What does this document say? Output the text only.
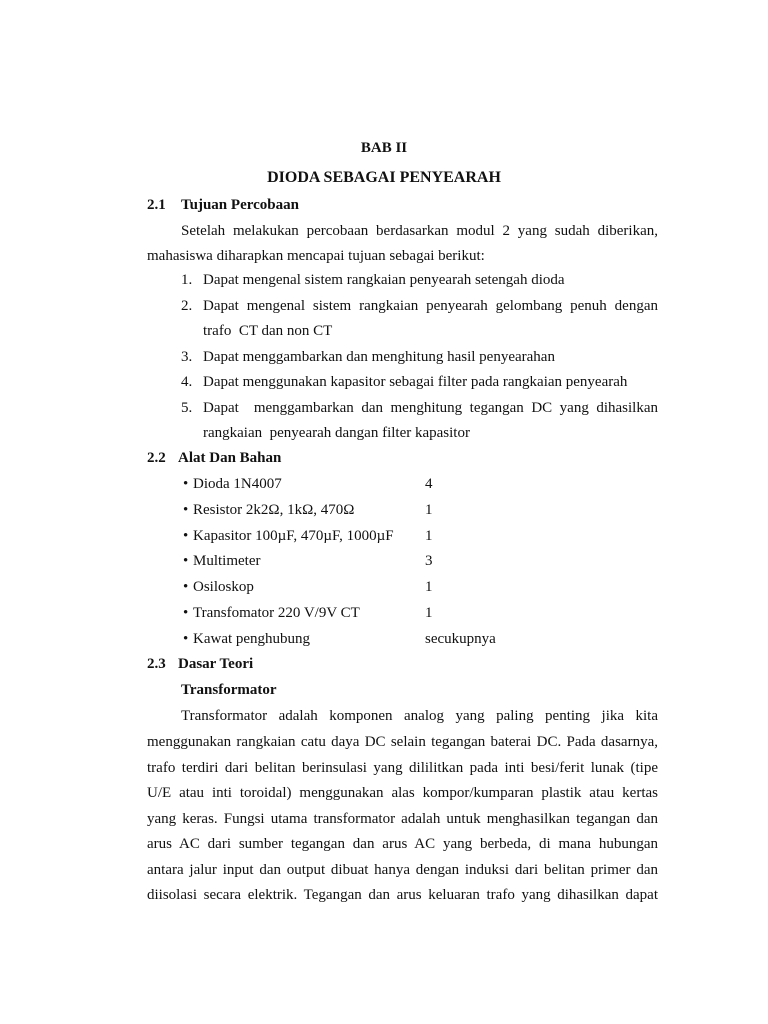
BAB II
DIODA SEBAGAI PENYEARAH
2.1 Tujuan Percobaan
Setelah melakukan percobaan berdasarkan modul 2 yang sudah diberikan,
mahasiswa diharapkan mencapai tujuan sebagai berikut:
1. Dapat mengenal sistem rangkaian penyearah setengah dioda
2. Dapat mengenal sistem rangkaian penyearah gelombang penuh dengan
trafo  CT dan non CT
3. Dapat menggambarkan dan menghitung hasil penyearahan
4. Dapat menggunakan kapasitor sebagai filter pada rangkaian penyearah
5. Dapat  menggambarkan dan menghitung tegangan DC yang dihasilkan
rangkaian  penyearah dangan filter kapasitor
2.2 Alat Dan Bahan
• Dioda 1N4007	4
• Resistor 2k2Ω, 1kΩ, 470Ω	1
• Kapasitor 100µF, 470µF, 1000µF 1
• Multimeter	3
• Osiloskop	1
• Transfomator 220 V/9V CT	1
• Kawat penghubung	secukupnya
2.3 Dasar Teori
Transformator
Transformator adalah komponen analog yang paling penting jika kita
menggunakan rangkaian catu daya DC selain tegangan baterai DC. Pada dasarnya,
trafo terdiri dari belitan berinsulasi yang dililitkan pada inti besi/ferit lunak (tipe
U/E atau inti toroidal) menggunakan alas kompor/kumparan plastik atau kertas
yang keras. Fungsi utama transformator adalah untuk menghasilkan tegangan dan
arus AC dari sumber tegangan dan arus AC yang berbeda, di mana hubungan
antara jalur input dan output dibuat hanya dengan induksi dari belitan primer dan
diisolasi secara elektrik. Tegangan dan arus keluaran trafo yang dihasilkan dapat
